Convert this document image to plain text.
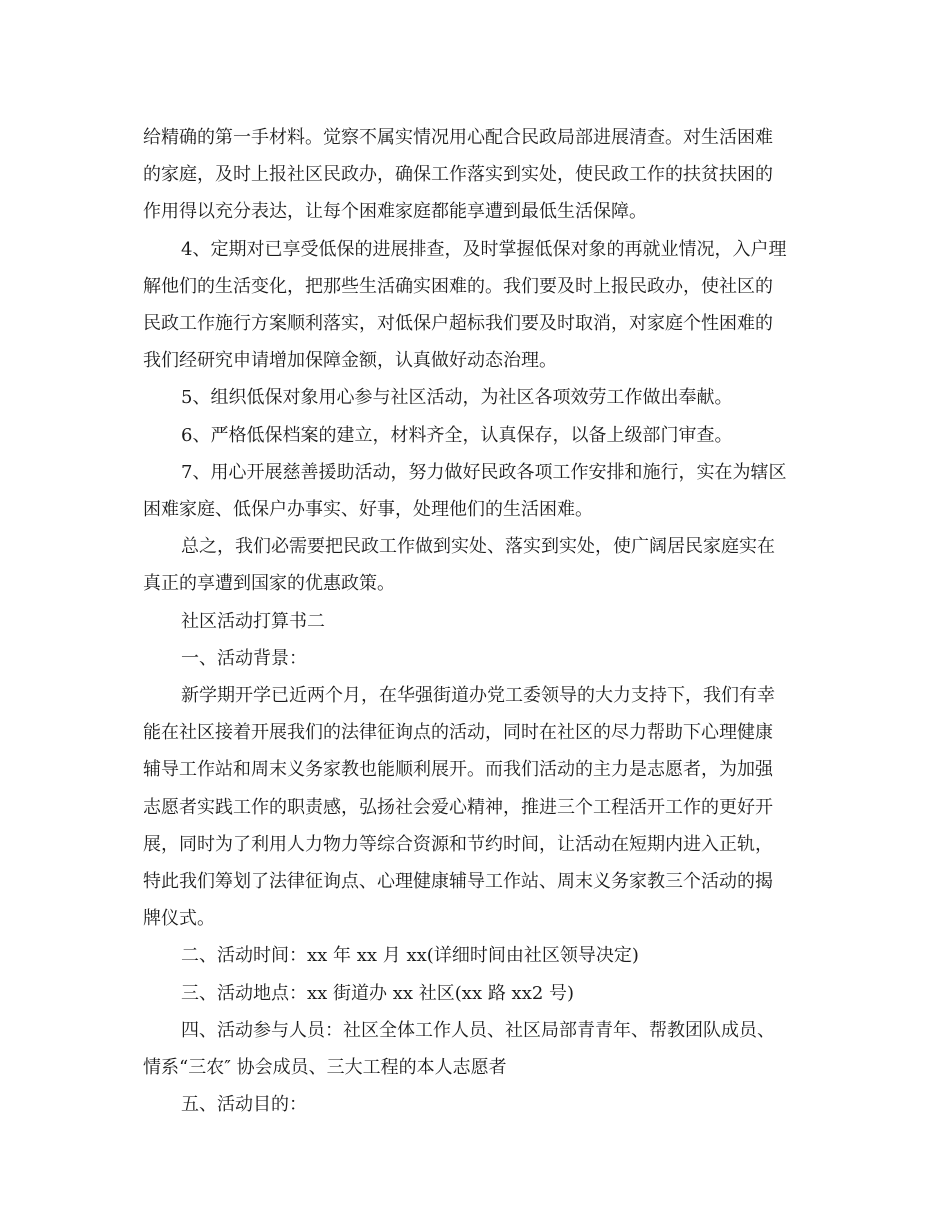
给精确的第一手材料。觉察不属实情况用心配合民政局部进展清查。对生活困难

的家庭，及时上报社区民政办，确保工作落实到实处，使民政工作的扶贫扶困的

作用得以充分表达，让每个困难家庭都能享遭到最低生活保障。

4、定期对已享受低保的进展排查，及时掌握低保对象的再就业情况，入户理

解他们的生活变化，把那些生活确实困难的。我们要及时上报民政办，使社区的

民政工作施行方案顺利落实，对低保户超标我们要及时取消，对家庭个性困难的

我们经研究申请增加保障金额，认真做好动态治理。

5、组织低保对象用心参与社区活动，为社区各项效劳工作做出奉献。

6、严格低保档案的建立，材料齐全，认真保存，以备上级部门审查。

7、用心开展慈善援助活动，努力做好民政各项工作安排和施行，实在为辖区

困难家庭、低保户办事实、好事，处理他们的生活困难。

总之，我们必需要把民政工作做到实处、落实到实处，使广阔居民家庭实在

真正的享遭到国家的优惠政策。

社区活动打算书二

一、活动背景：

新学期开学已近两个月，在华强街道办党工委领导的大力支持下，我们有幸

能在社区接着开展我们的法律征询点的活动，同时在社区的尽力帮助下心理健康

辅导工作站和周末义务家教也能顺利展开。而我们活动的主力是志愿者，为加强

志愿者实践工作的职责感，弘扬社会爱心精神，推进三个工程活开工作的更好开

展，同时为了利用人力物力等综合资源和节约时间，让活动在短期内进入正轨，

特此我们筹划了法律征询点、心理健康辅导工作站、周末义务家教三个活动的揭

牌仪式。

二、活动时间：xx 年 xx 月 xx(详细时间由社区领导决定)

三、活动地点：xx 街道办 xx 社区(xx 路 xx2 号)

四、活动参与人员：社区全体工作人员、社区局部青青年、帮教团队成员、

情系“三农″ 协会成员、三大工程的本人志愿者

五、活动目的：
